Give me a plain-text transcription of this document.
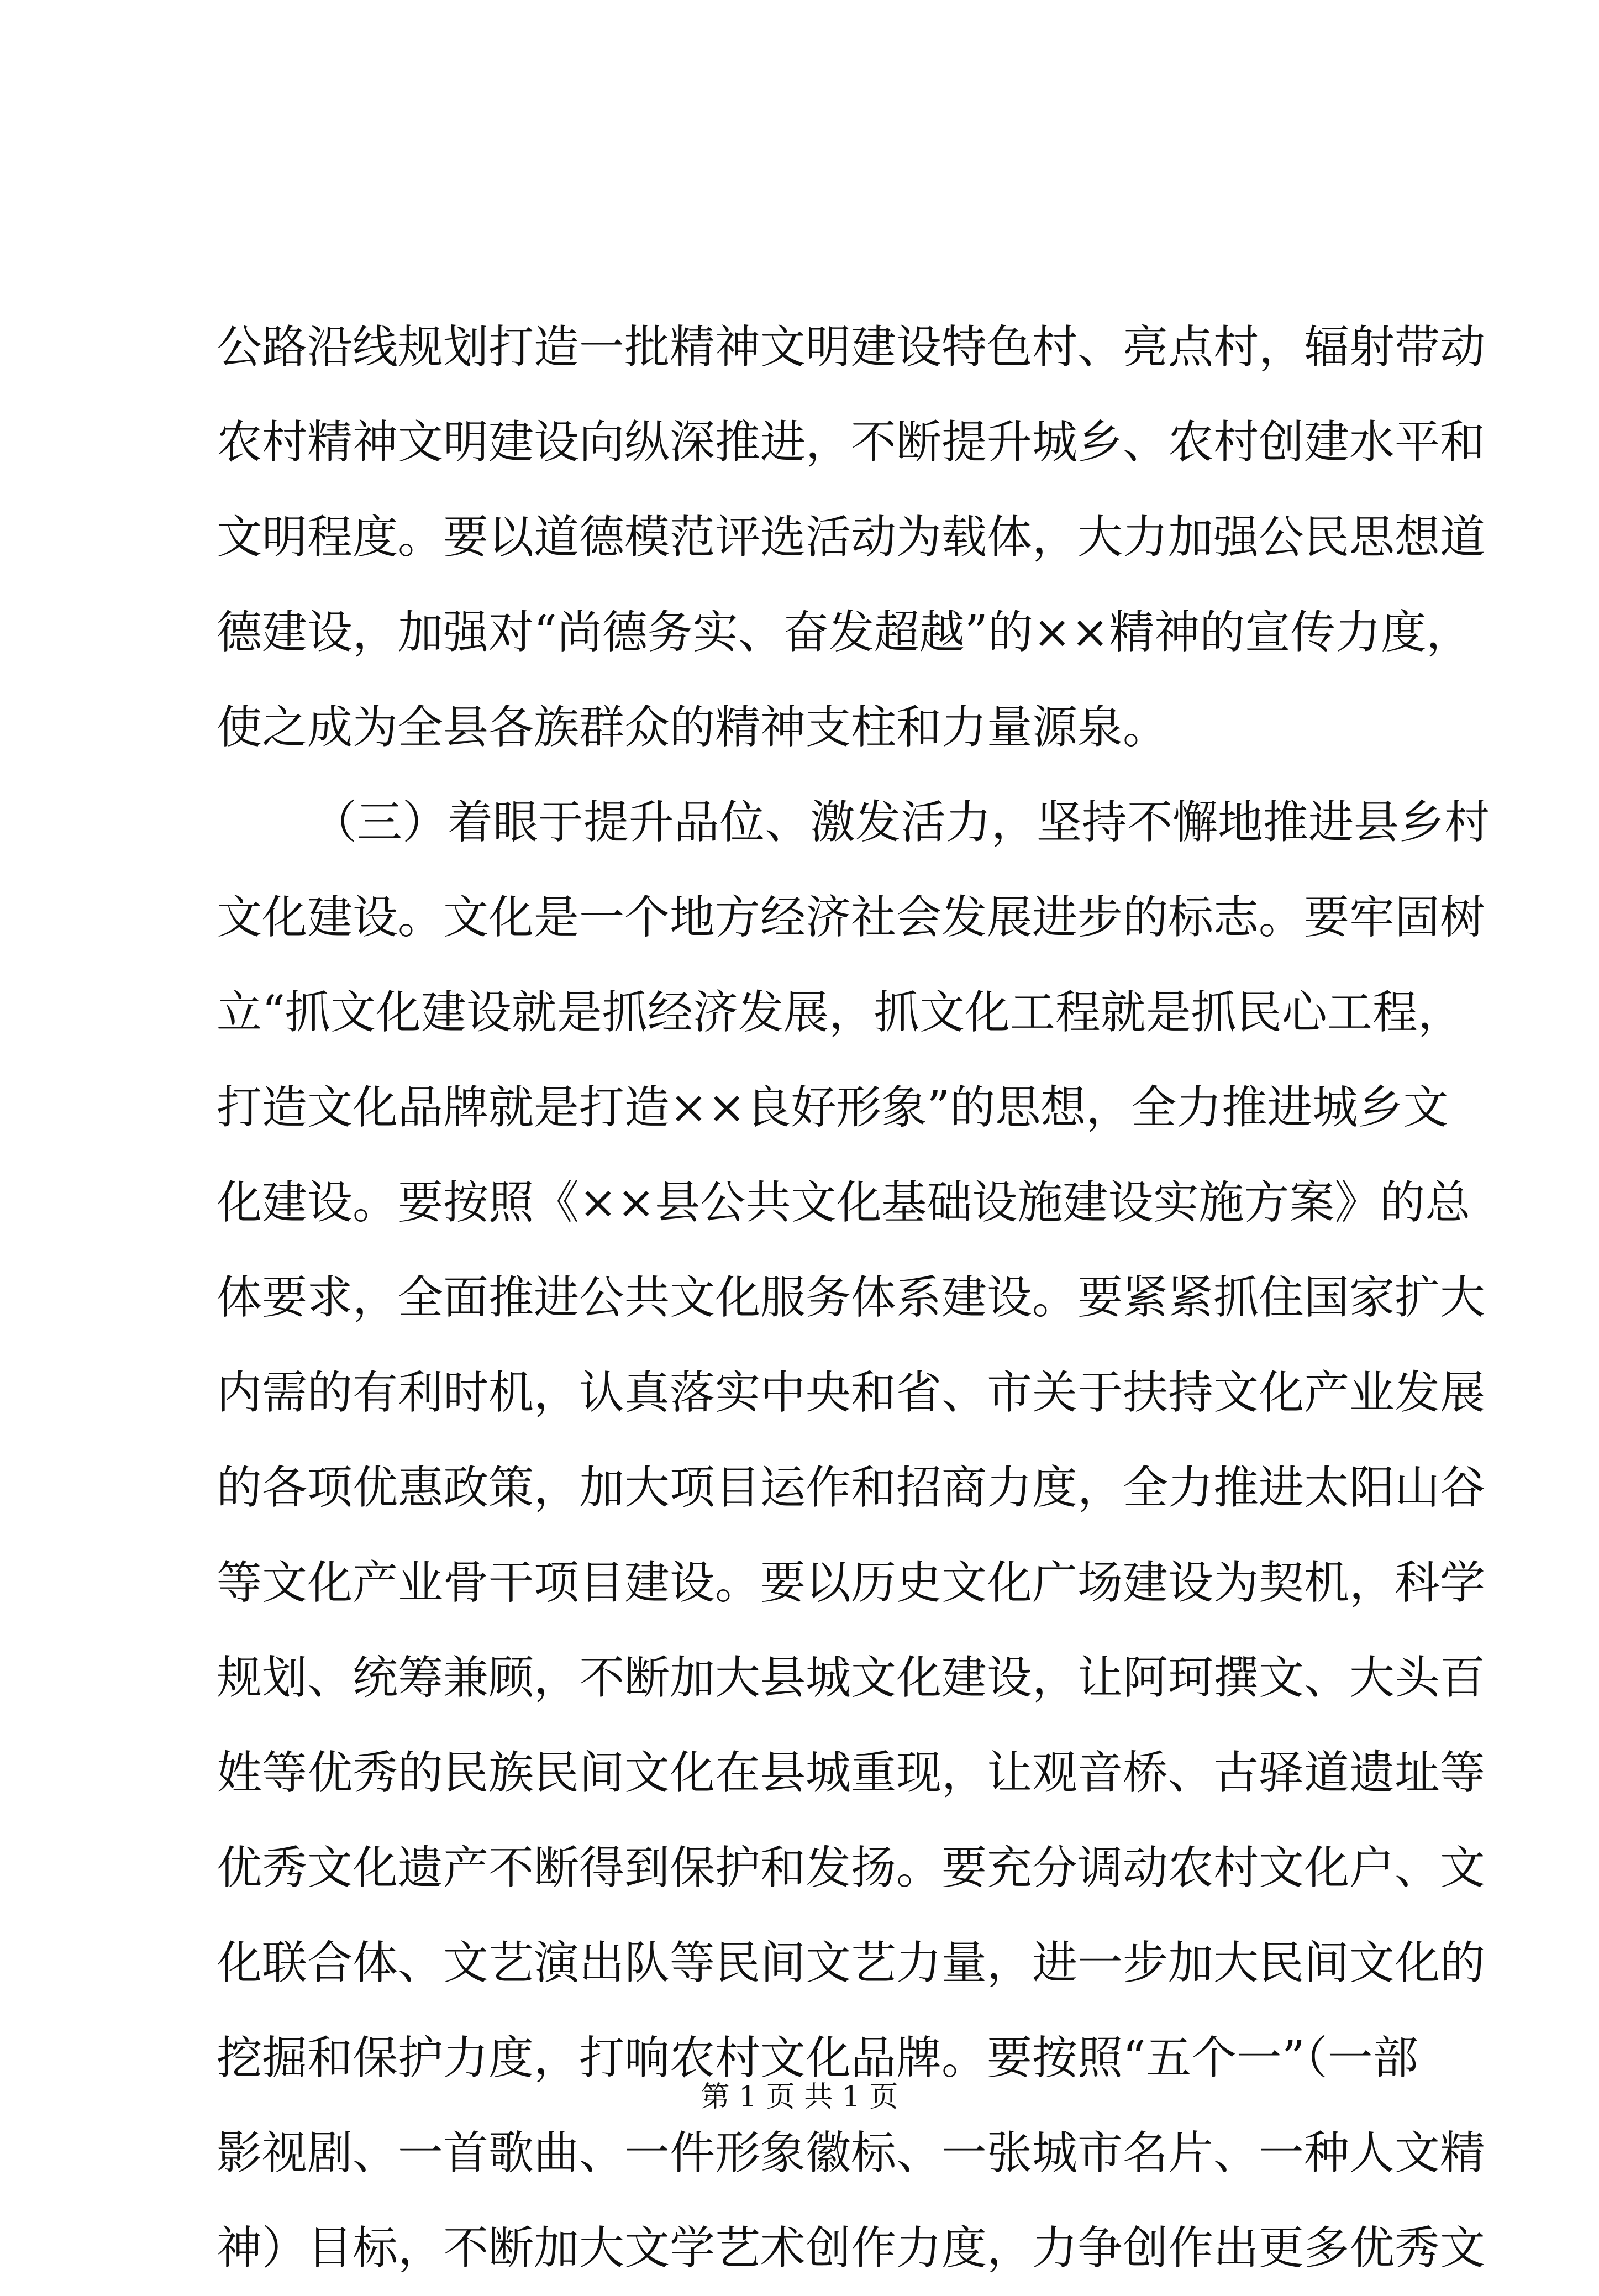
公路沿线规划打造一批精神文明建设特色村、亮点村，辐射带动
农村精神文明建设向纵深推进，不断提升城乡、农村创建水平和
文明程度。要以道德模范评选活动为载体，大力加强公民思想道
德建设，加强对“尚德务实、奋发超越”的××精神的宣传力度，
使之成为全县各族群众的精神支柱和力量源泉。
（三）着眼于提升品位、激发活力，坚持不懈地推进县乡村
文化建设。文化是一个地方经济社会发展进步的标志。要牢固树
立“抓文化建设就是抓经济发展，抓文化工程就是抓民心工程，
打造文化品牌就是打造××良好形象”的思想，全力推进城乡文
化建设。要按照《××县公共文化基础设施建设实施方案》的总
体要求，全面推进公共文化服务体系建设。要紧紧抓住国家扩大
内需的有利时机，认真落实中央和省、市关于扶持文化产业发展
的各项优惠政策，加大项目运作和招商力度，全力推进太阳山谷
等文化产业骨干项目建设。要以历史文化广场建设为契机，科学
规划、统筹兼顾，不断加大县城文化建设，让阿珂撰文、大头百
姓等优秀的民族民间文化在县城重现，让观音桥、古驿道遗址等
优秀文化遗产不断得到保护和发扬。要充分调动农村文化户、文
化联合体、文艺演出队等民间文艺力量，进一步加大民间文化的
挖掘和保护力度，打响农村文化品牌。要按照“五个一”（一部
影视剧、一首歌曲、一件形象徽标、一张城市名片、一种人文精
神）目标，不断加大文学艺术创作力度，力争创作出更多优秀文
第 1 页 共 1 页
